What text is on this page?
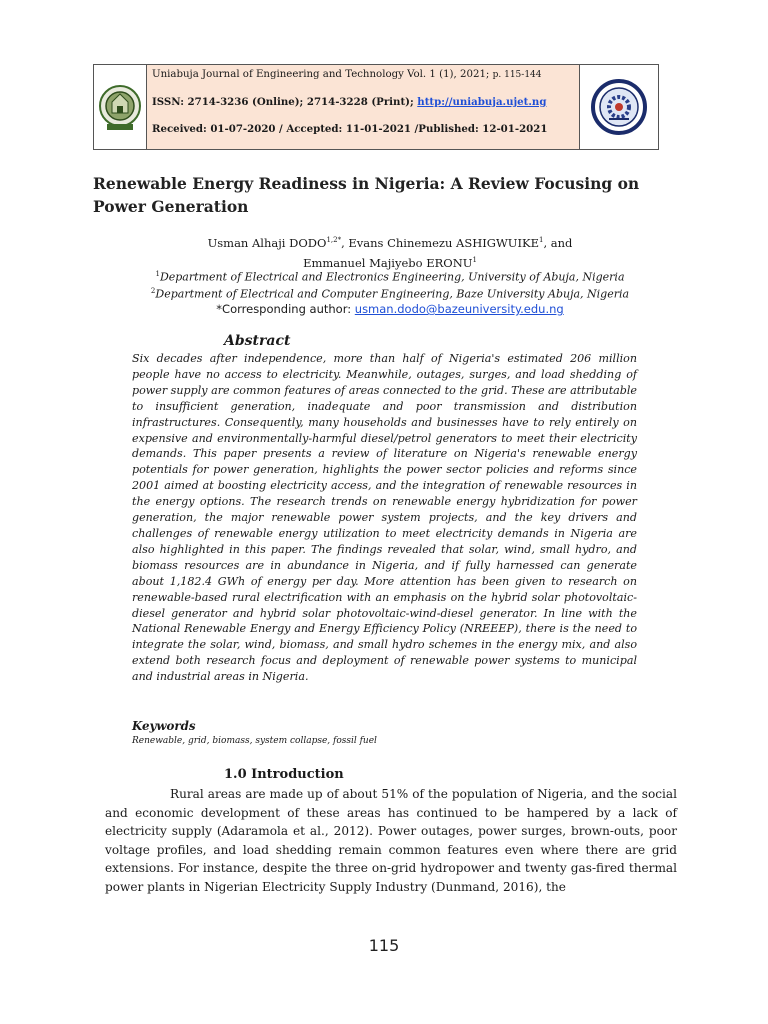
Uniabuja Journal of Engineering and Technology Vol. 1 (1), 2021; p. 115-144
ISSN: 2714-3236 (Online); 2714-3228 (Print); http://uniabuja.ujet.ng
Received: 01-07-2020 / Accepted: 11-01-2021 /Published: 12-01-2021
Renewable Energy Readiness in Nigeria: A Review Focusing on Power Generation
Usman Alhaji $DODO^{1,2*}$, Evans Chinemezu ASHIGWUIKE$^1$, and
Emmanuel Majiyebo ERONU$^1$
$^1$Department of Electrical and Electronics Engineering, University of Abuja, Nigeria
$^2$Department of Electrical and Computer Engineering, Baze University Abuja, Nigeria
*Corresponding author: usman.dodo@bazeuniversity.edu.ng
Abstract
Six decades after independence, more than half of Nigeria's estimated 206 million people have no access to electricity. Meanwhile, outages, surges, and load shedding of power supply are common features of areas connected to the grid. These are attributable to insufficient generation, inadequate and poor transmission and distribution infrastructures. Consequently, many households and businesses have to rely entirely on expensive and environmentally-harmful diesel/petrol generators to meet their electricity demands. This paper presents a review of literature on Nigeria's renewable energy potentials for power generation, highlights the power sector policies and reforms since 2001 aimed at boosting electricity access, and the integration of renewable resources in the energy options. The research trends on renewable energy hybridization for power generation, the major renewable power system projects, and the key drivers and challenges of renewable energy utilization to meet electricity demands in Nigeria are also highlighted in this paper. The findings revealed that solar, wind, small hydro, and biomass resources are in abundance in Nigeria, and if fully harnessed can generate about 1,182.4 GWh of energy per day. More attention has been given to research on renewable-based rural electrification with an emphasis on the hybrid solar photovoltaic-diesel generator and hybrid solar photovoltaic-wind-diesel generator. In line with the National Renewable Energy and Energy Efficiency Policy (NREEEP), there is the need to integrate the solar, wind, biomass, and small hydro schemes in the energy mix, and also extend both research focus and deployment of renewable power systems to municipal and industrial areas in Nigeria.
Keywords
Renewable, grid, biomass, system collapse, fossil fuel
1.0 Introduction
Rural areas are made up of about 51% of the population of Nigeria, and the social and economic development of these areas has continued to be hampered by a lack of electricity supply (Adaramola et al., 2012). Power outages, power surges, brown-outs, poor voltage profiles, and load shedding remain common features even where there are grid extensions. For instance, despite the three on-grid hydropower and twenty gas-fired thermal power plants in Nigerian Electricity Supply Industry (Dunmand, 2016), the
115
